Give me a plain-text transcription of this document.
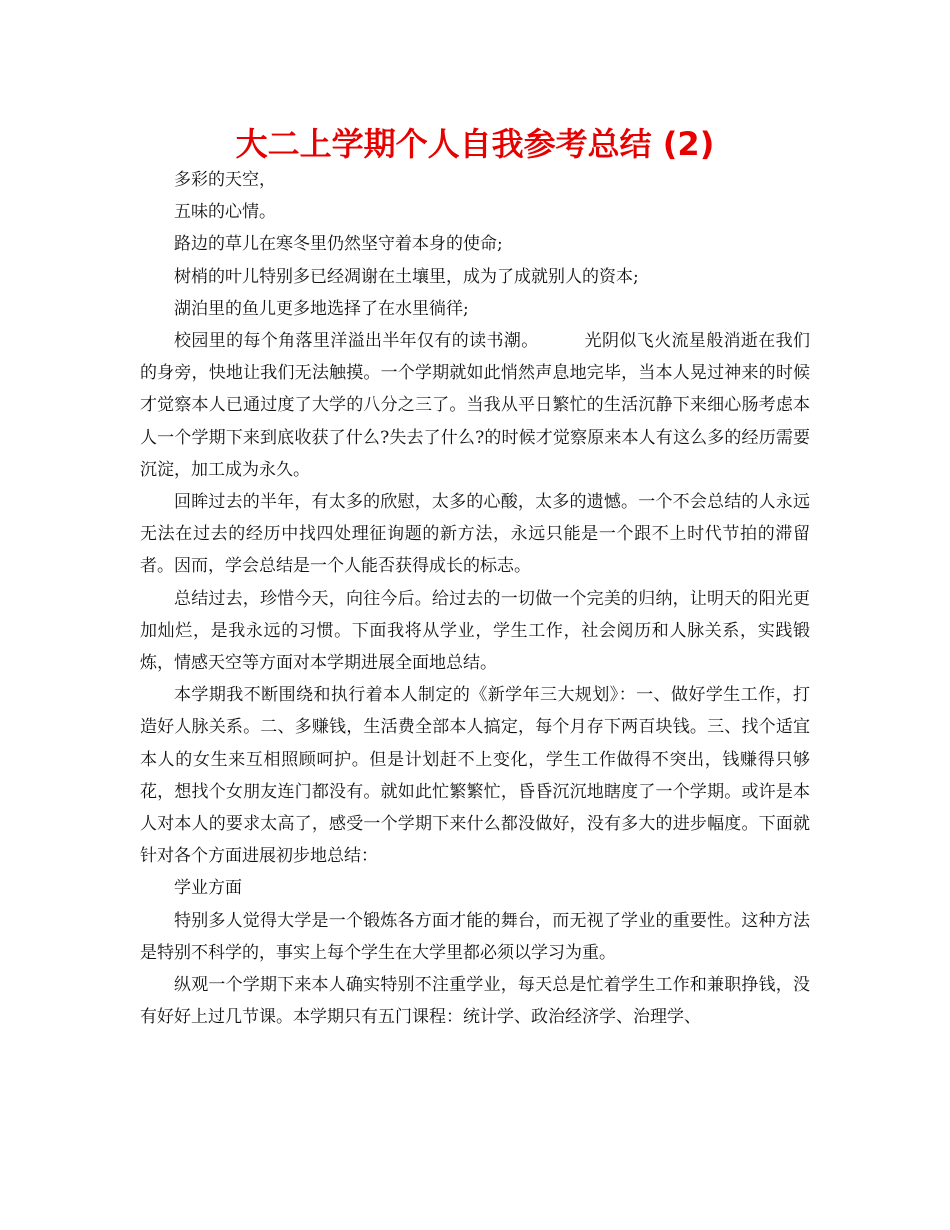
大二上学期个人自我参考总结 (2)

多彩的天空，

五味的心情。

路边的草儿在寒冬里仍然坚守着本身的使命;

树梢的叶儿特别多已经凋谢在土壤里，成为了成就别人的资本;

湖泊里的鱼儿更多地选择了在水里徜徉;

校园里的每个角落里洋溢出半年仅有的读书潮。        光阴似飞火流星般消逝在我们的身旁，快地让我们无法触摸。一个学期就如此悄然声息地完毕，当本人晃过神来的时候才觉察本人已通过度了大学的八分之三了。当我从平日繁忙的生活沉静下来细心肠考虑本人一个学期下来到底收获了什么?失去了什么?的时候才觉察原来本人有这么多的经历需要沉淀，加工成为永久。

回眸过去的半年，有太多的欣慰，太多的心酸，太多的遗憾。一个不会总结的人永远无法在过去的经历中找四处理征询题的新方法，永远只能是一个跟不上时代节拍的滞留者。因而，学会总结是一个人能否获得成长的标志。

总结过去，珍惜今天，向往今后。给过去的一切做一个完美的归纳，让明天的阳光更加灿烂，是我永远的习惯。下面我将从学业，学生工作，社会阅历和人脉关系，实践锻炼，情感天空等方面对本学期进展全面地总结。

本学期我不断围绕和执行着本人制定的《新学年三大规划》：一、做好学生工作，打造好人脉关系。二、多赚钱，生活费全部本人搞定，每个月存下两百块钱。三、找个适宜本人的女生来互相照顾呵护。但是计划赶不上变化，学生工作做得不突出，钱赚得只够花，想找个女朋友连门都没有。就如此忙繁繁忙，昏昏沉沉地瞎度了一个学期。或许是本人对本人的要求太高了，感受一个学期下来什么都没做好，没有多大的进步幅度。下面就针对各个方面进展初步地总结：

学业方面

特别多人觉得大学是一个锻炼各方面才能的舞台，而无视了学业的重要性。这种方法是特别不科学的，事实上每个学生在大学里都必须以学习为重。

纵观一个学期下来本人确实特别不注重学业，每天总是忙着学生工作和兼职挣钱，没有好好上过几节课。本学期只有五门课程：统计学、政治经济学、治理学、
